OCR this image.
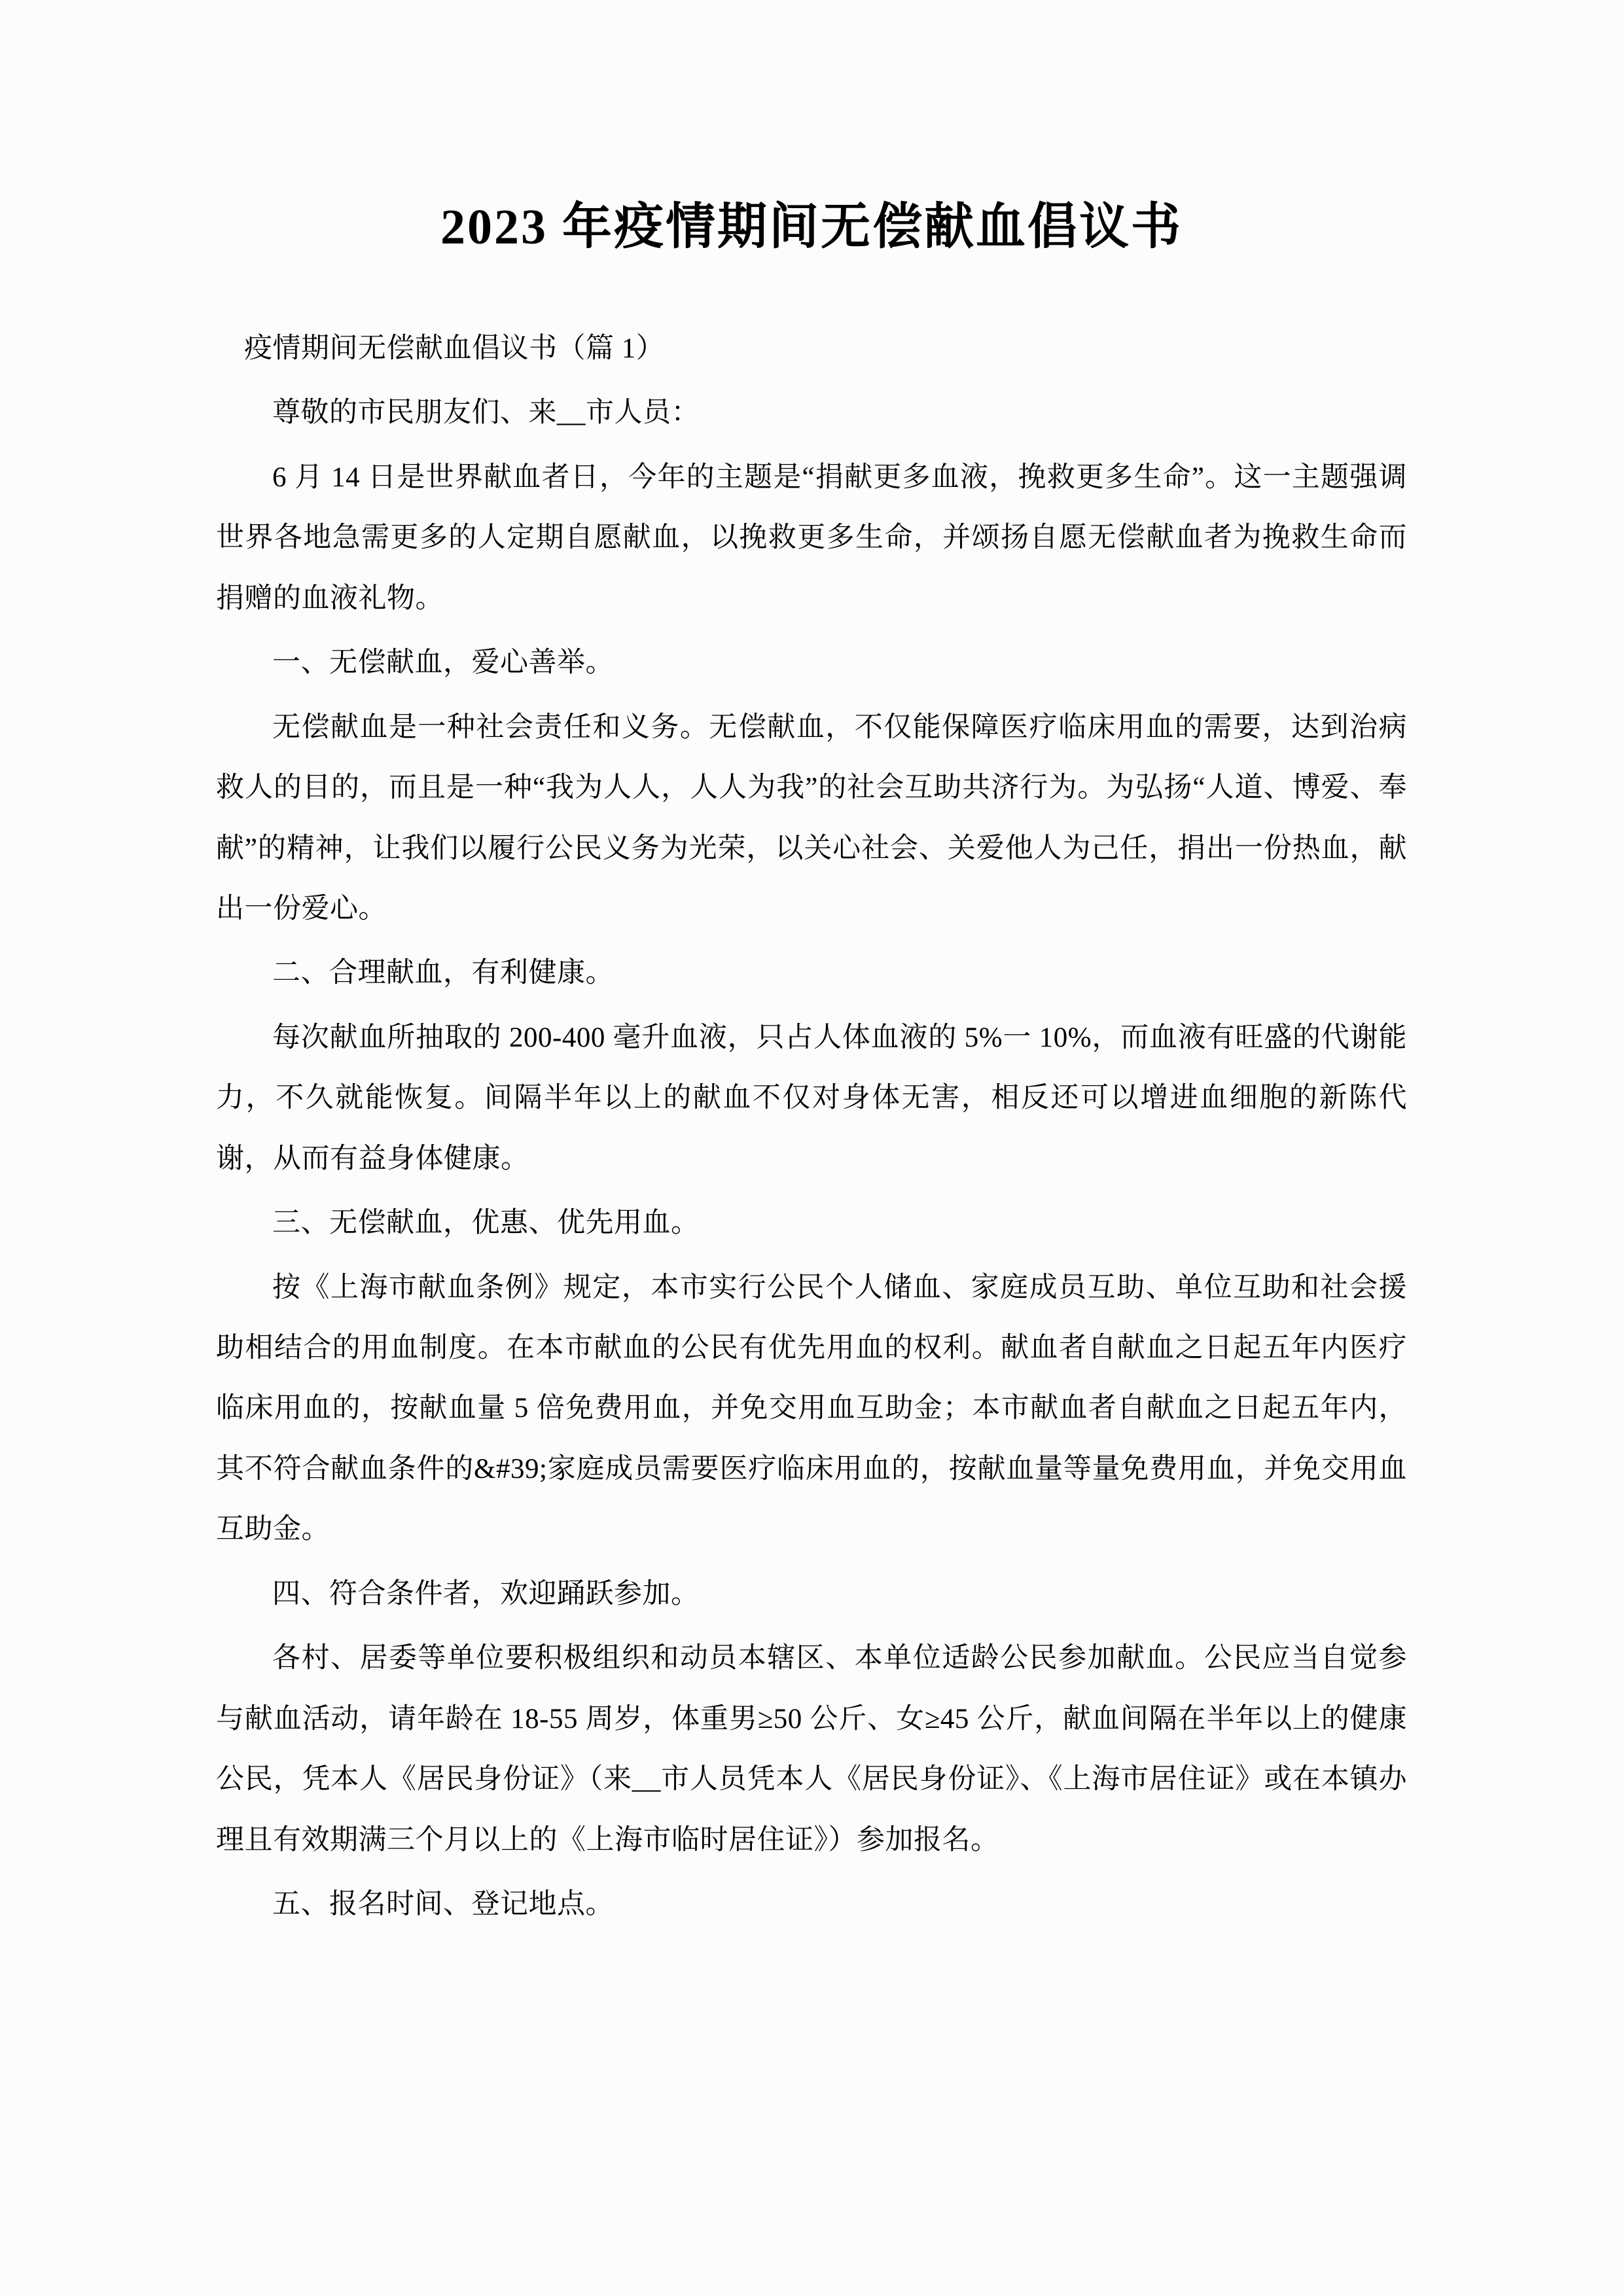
2023 年疫情期间无偿献血倡议书

疫情期间无偿献血倡议书（篇 1）

尊敬的市民朋友们、来__市人员：

6 月 14 日是世界献血者日，今年的主题是“捐献更多血液，挽救更多生命”。这一主题强调世界各地急需更多的人定期自愿献血，以挽救更多生命，并颂扬自愿无偿献血者为挽救生命而捐赠的血液礼物。

一、无偿献血，爱心善举。

无偿献血是一种社会责任和义务。无偿献血，不仅能保障医疗临床用血的需要，达到治病救人的目的，而且是一种“我为人人，人人为我”的社会互助共济行为。为弘扬“人道、博爱、奉献”的精神，让我们以履行公民义务为光荣，以关心社会、关爱他人为己任，捐出一份热血，献出一份爱心。

二、合理献血，有利健康。

每次献血所抽取的 200-400 毫升血液，只占人体血液的 5%一 10%，而血液有旺盛的代谢能力，不久就能恢复。间隔半年以上的献血不仅对身体无害，相反还可以增进血细胞的新陈代谢，从而有益身体健康。

三、无偿献血，优惠、优先用血。

按《上海市献血条例》规定，本市实行公民个人储血、家庭成员互助、单位互助和社会援助相结合的用血制度。在本市献血的公民有优先用血的权利。献血者自献血之日起五年内医疗临床用血的，按献血量 5 倍免费用血，并免交用血互助金；本市献血者自献血之日起五年内，其不符合献血条件的&#39;家庭成员需要医疗临床用血的，按献血量等量免费用血，并免交用血互助金。

四、符合条件者，欢迎踊跃参加。

各村、居委等单位要积极组织和动员本辖区、本单位适龄公民参加献血。公民应当自觉参与献血活动，请年龄在 18-55 周岁，体重男≥50 公斤、女≥45 公斤，献血间隔在半年以上的健康公民，凭本人《居民身份证》（来__市人员凭本人《居民身份证》、《上海市居住证》或在本镇办理且有效期满三个月以上的《上海市临时居住证》）参加报名。

五、报名时间、登记地点。
